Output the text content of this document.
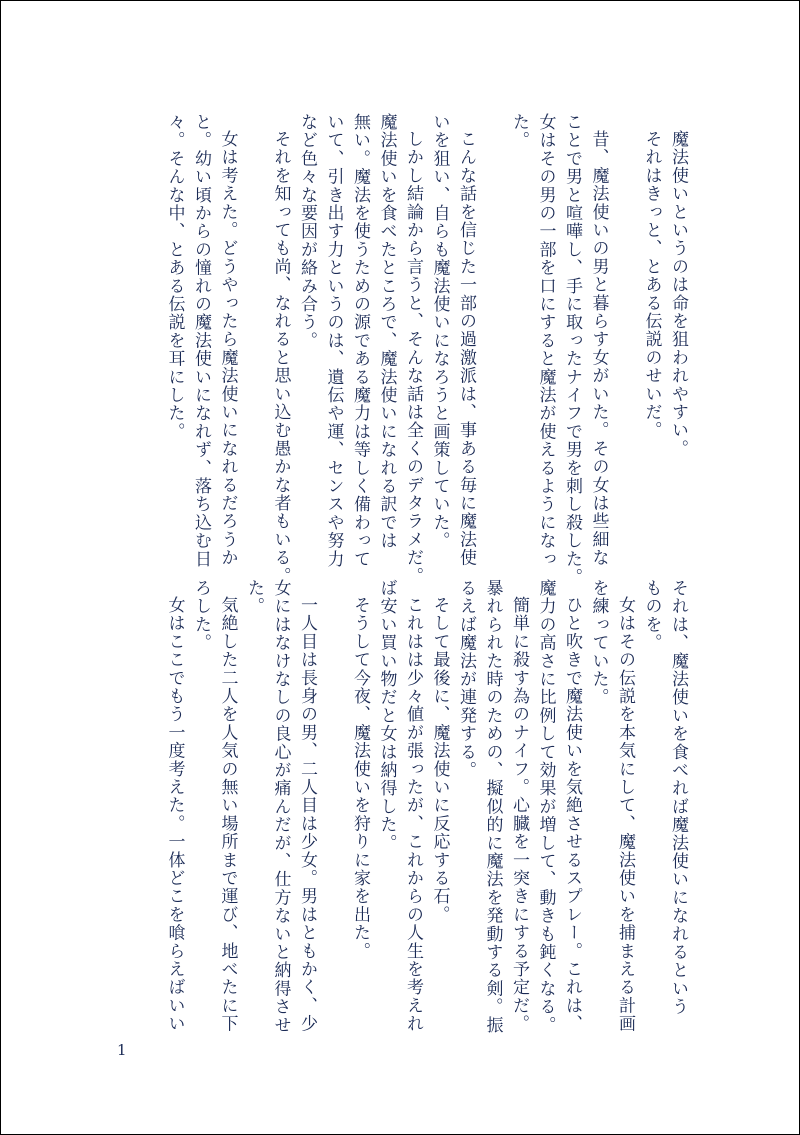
魔法使いというのは命を狙われやすい。
それはきっと、とある伝説のせいだ。
昔、魔法使いの男と暮らす女がいた。その女は些細な
ことで男と喧嘩し、手に取ったナイフで男を刺し殺した。
女はその男の一部を口にすると魔法が使えるようになっ
た。
こんな話を信じた一部の過激派は、事ある毎に魔法使
いを狙い、自らも魔法使いになろうと画策していた。
しかし結論から言うと、そんな話は全くのデタラメだ。
魔法使いを食べたところで、魔法使いになれる訳では
無い。魔法を使うための源である魔力は等しく備わって
いて、引き出す力というのは、遺伝や運、センスや努力
など色々な要因が絡み合う。
それを知っても尚、なれると思い込む愚かな者もいる。
女は考えた。どうやったら魔法使いになれるだろうか
と。幼い頃からの憧れの魔法使いになれず、落ち込む日
々。そんな中、とある伝説を耳にした。
それは、魔法使いを食べれば魔法使いになれるという
ものを。
女はその伝説を本気にして、魔法使いを捕まえる計画
を練っていた。
ひと吹きで魔法使いを気絶させるスプレー。これは、
魔力の高さに比例して効果が増して、動きも鈍くなる。
簡単に殺す為のナイフ。心臓を一突きにする予定だ。
暴れられた時のための、擬似的に魔法を発動する剣。振
るえば魔法が連発する。
そして最後に、魔法使いに反応する石。
これはは少々値が張ったが、これからの人生を考えれ
ば安い買い物だと女は納得した。
そうして今夜、魔法使いを狩りに家を出た。
一人目は長身の男、二人目は少女。男はともかく、少
女にはなけなしの良心が痛んだが、仕方ないと納得させ
た。
気絶した二人を人気の無い場所まで運び、地べたに下
ろした。
女はここでもう一度考えた。一体どこを喰らえばいい
1
